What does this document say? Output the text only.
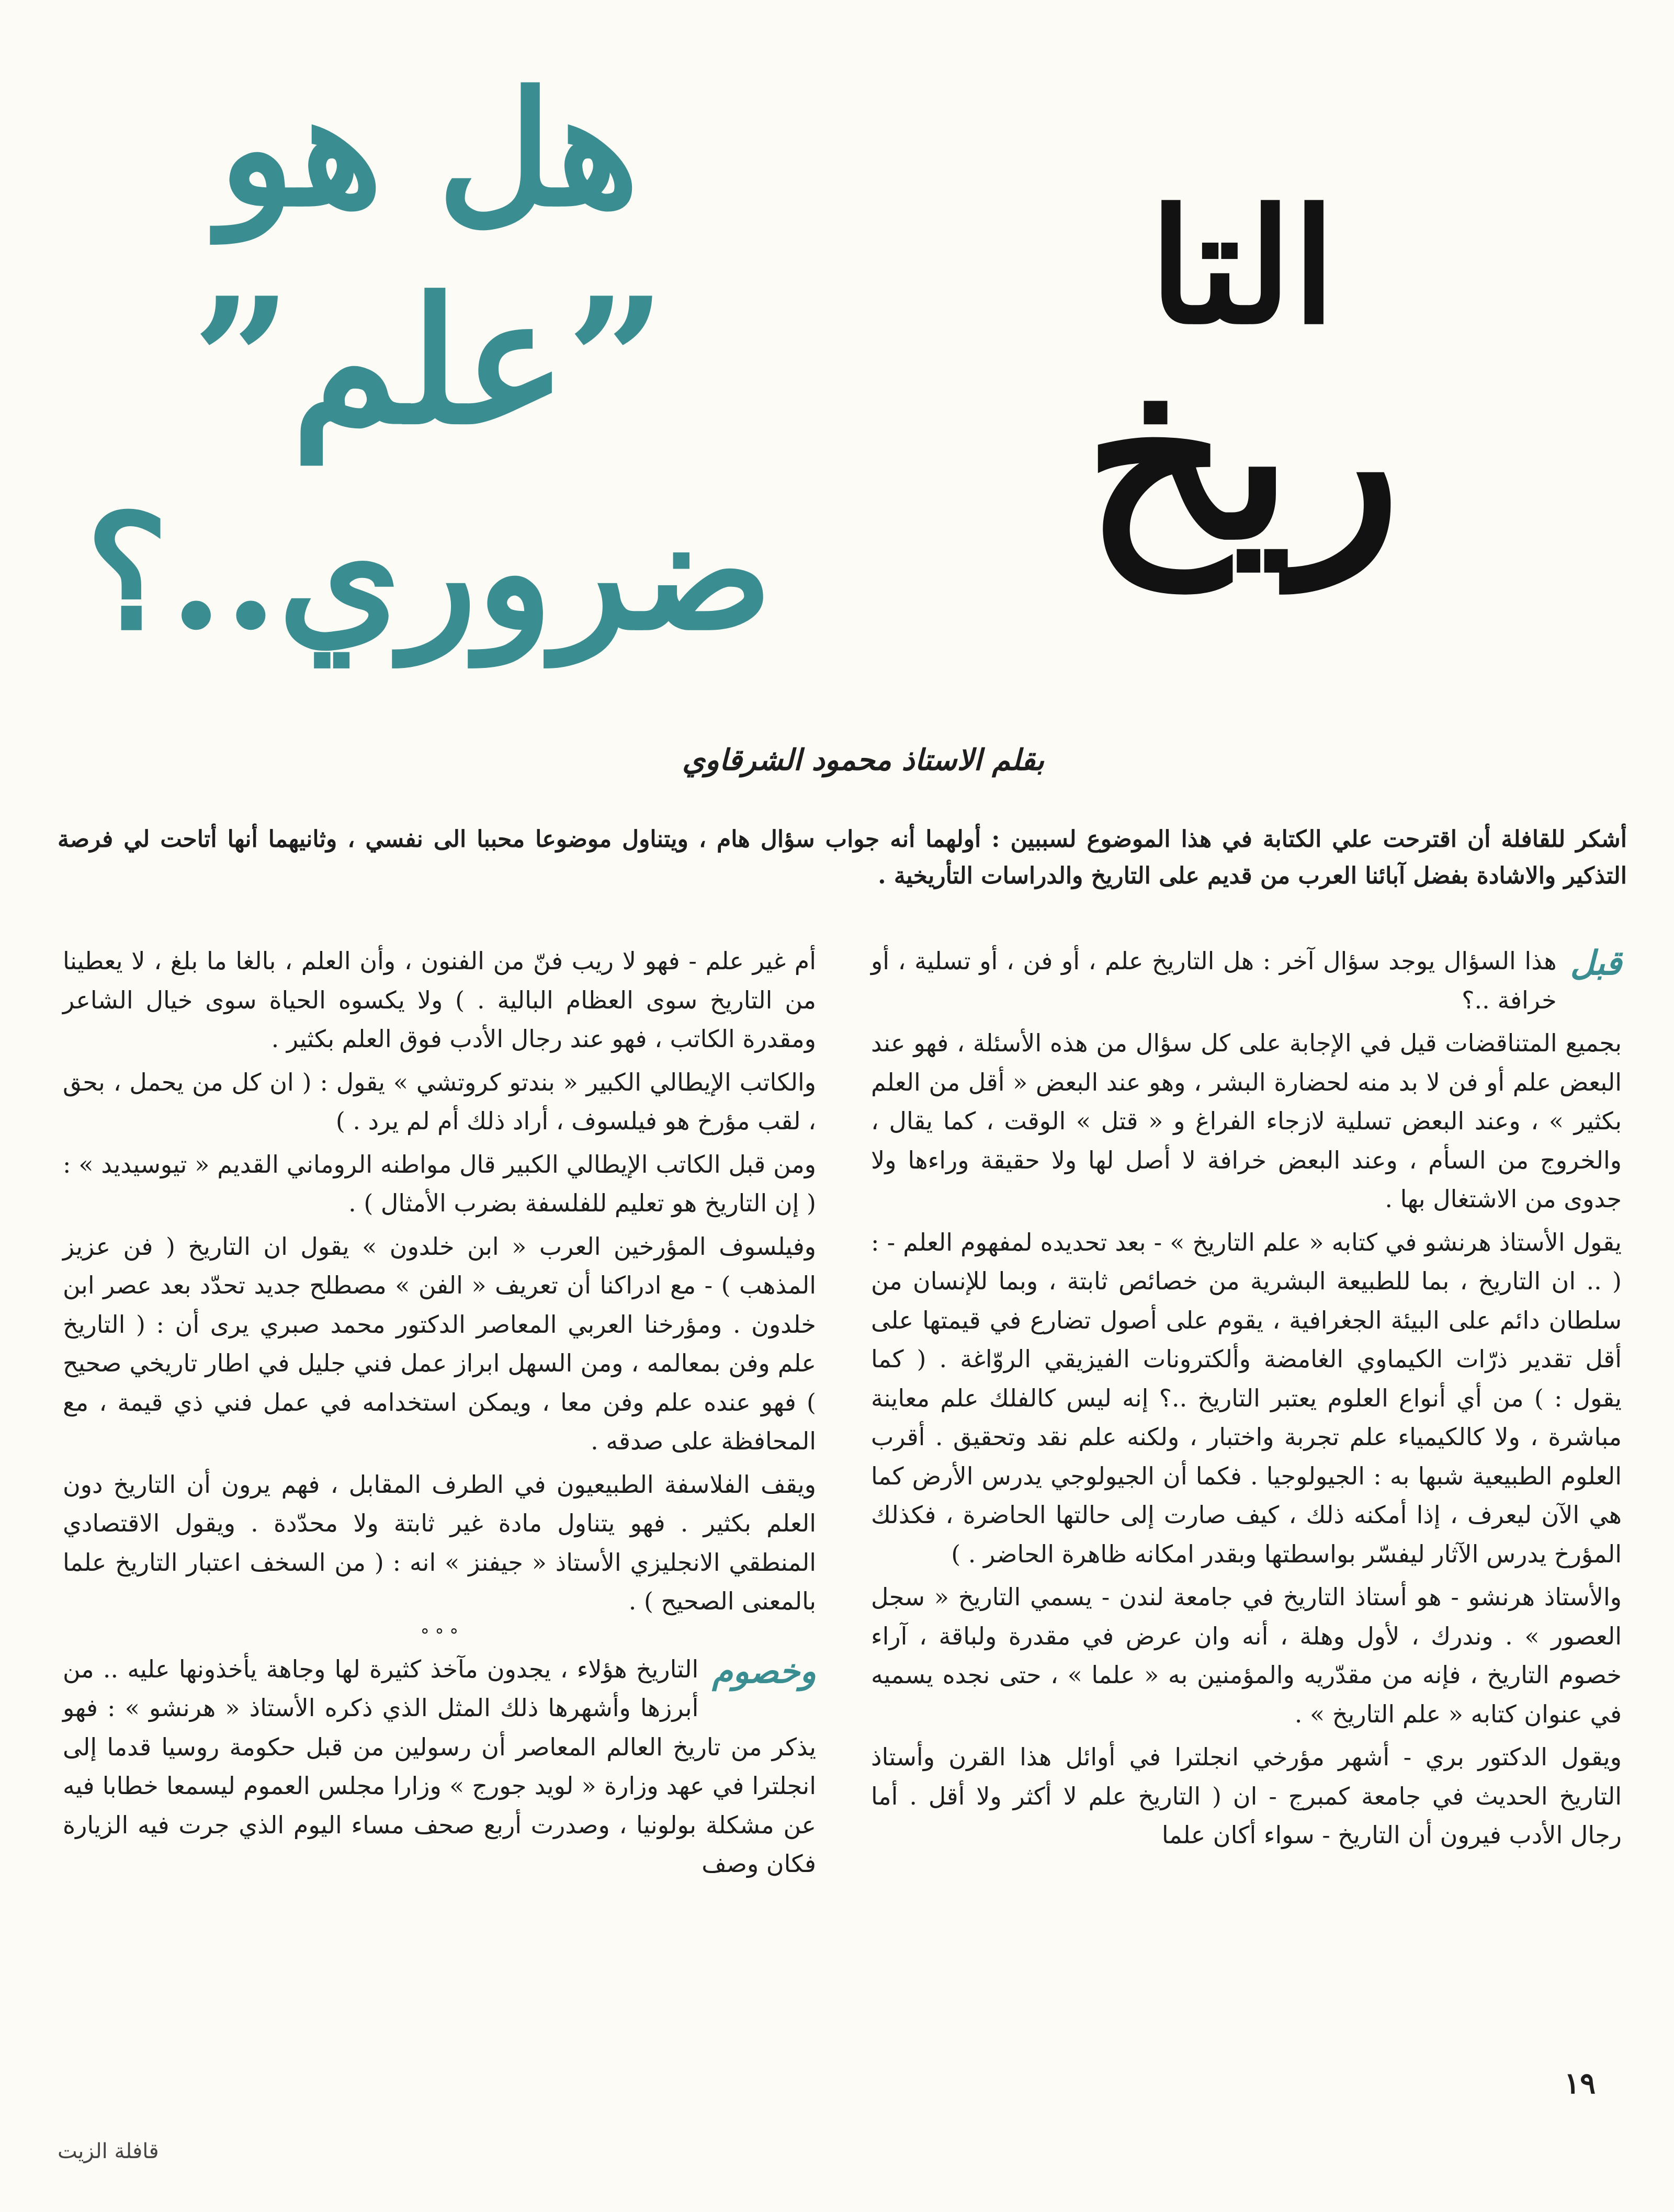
التا
ريخ
هل هو
”علم”
ضروري..؟
بقلم الاستاذ محمود الشرقاوي
أشكر للقافلة أن اقترحت علي الكتابة في هذا الموضوع لسببين : أولهما أنه جواب سؤال هام ، ويتناول موضوعا محببا الى نفسي ، وثانيهما أنها أتاحت لي فرصة التذكير والاشادة بفضل آبائنا العرب من قديم على التاريخ والدراسات التأريخية .
قبل

هذا السؤال يوجد سؤال آخر : هل التاريخ علم ، أو فن ، أو تسلية ، أو خرافة ..؟

بجميع المتناقضات قيل في الإجابة على كل سؤال من هذه الأسئلة ، فهو عند البعض علم أو فن لا بد منه لحضارة البشر ، وهو عند البعض « أقل من العلم بكثير » ، وعند البعض تسلية لازجاء الفراغ و « قتل » الوقت ، كما يقال ، والخروج من السأم ، وعند البعض خرافة لا أصل لها ولا حقيقة وراءها ولا جدوى من الاشتغال بها .

يقول الأستاذ هرنشو في كتابه « علم التاريخ » - بعد تحديده لمفهوم العلم - : ( .. ان التاريخ ، بما للطبيعة البشرية من خصائص ثابتة ، وبما للإنسان من سلطان دائم على البيئة الجغرافية ، يقوم على أصول تضارع في قيمتها على أقل تقدير ذرّات الكيماوي الغامضة وألكترونات الفيزيقي الروّاغة . ( كما يقول : ) من أي أنواع العلوم يعتبر التاريخ ..؟ إنه ليس كالفلك علم معاينة مباشرة ، ولا كالكيمياء علم تجربة واختبار ، ولكنه علم نقد وتحقيق . أقرب العلوم الطبيعية شبها به : الجيولوجيا . فكما أن الجيولوجي يدرس الأرض كما هي الآن ليعرف ، إذا أمكنه ذلك ، كيف صارت إلى حالتها الحاضرة ، فكذلك المؤرخ يدرس الآثار ليفسّر بواسطتها وبقدر امكانه ظاهرة الحاضر . )

والأستاذ هرنشو - هو أستاذ التاريخ في جامعة لندن - يسمي التاريخ « سجل العصور » . وندرك ، لأول وهلة ، أنه وان عرض في مقدرة ولباقة ، آراء خصوم التاريخ ، فإنه من مقدّريه والمؤمنين به « علما » ، حتى نجده يسميه في عنوان كتابه « علم التاريخ » .

ويقول الدكتور بري - أشهر مؤرخي انجلترا في أوائل هذا القرن وأستاذ التاريخ الحديث في جامعة كمبرج - ان ( التاريخ علم لا أكثر ولا أقل . أما رجال الأدب فيرون أن التاريخ - سواء أكان علما

أم غير علم - فهو لا ريب فنّ من الفنون ، وأن العلم ، بالغا ما بلغ ، لا يعطينا من التاريخ سوى العظام البالية . ) ولا يكسوه الحياة سوى خيال الشاعر ومقدرة الكاتب ، فهو عند رجال الأدب فوق العلم بكثير .

والكاتب الإيطالي الكبير « بندتو كروتشي » يقول : ( ان كل من يحمل ، بحق ، لقب مؤرخ هو فيلسوف ، أراد ذلك أم لم يرد . )

ومن قبل الكاتب الإيطالي الكبير قال مواطنه الروماني القديم « تيوسيديد » : ( إن التاريخ هو تعليم للفلسفة بضرب الأمثال ) .

وفيلسوف المؤرخين العرب « ابن خلدون » يقول ان التاريخ ( فن عزيز المذهب ) - مع ادراكنا أن تعريف « الفن » مصطلح جديد تحدّد بعد عصر ابن خلدون . ومؤرخنا العربي المعاصر الدكتور محمد صبري يرى أن : ( التاريخ علم وفن بمعالمه ، ومن السهل ابراز عمل فني جليل في اطار تاريخي صحيح ) فهو عنده علم وفن معا ، ويمكن استخدامه في عمل فني ذي قيمة ، مع المحافظة على صدقه .

ويقف الفلاسفة الطبيعيون في الطرف المقابل ، فهم يرون أن التاريخ دون العلم بكثير . فهو يتناول مادة غير ثابتة ولا محدّدة . ويقول الاقتصادي المنطقي الانجليزي الأستاذ « جيفنز » انه : ( من السخف اعتبار التاريخ علما بالمعنى الصحيح ) .

° ° °

وخصوم
التاريخ هؤلاء ، يجدون مآخذ كثيرة لها وجاهة يأخذونها عليه .. من أبرزها وأشهرها ذلك المثل الذي ذكره الأستاذ « هرنشو » : فهو يذكر من تاريخ العالم المعاصر أن رسولين من قبل حكومة روسيا قدما إلى انجلترا في عهد وزارة « لويد جورج » وزارا مجلس العموم ليسمعا خطابا فيه عن مشكلة بولونيا ، وصدرت أربع صحف مساء اليوم الذي جرت فيه الزيارة فكان وصف

١٩
قافلة الزيت
